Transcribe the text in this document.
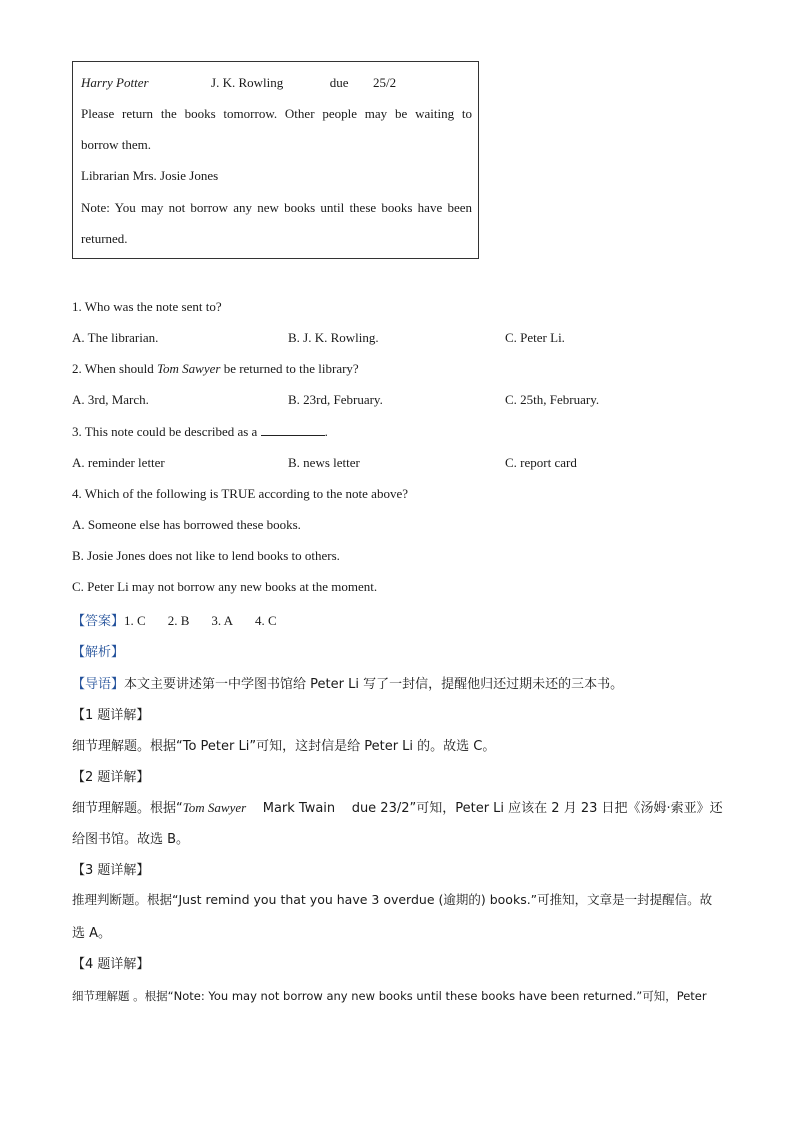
Harry Potter	J. K. Rowling	due 25/2
Please return the books tomorrow. Other people may be waiting to
borrow them.
Librarian Mrs. Josie Jones
Note: You may not borrow any new books until these books have been
returned.
1. Who was the note sent to?
A. The librarian.	B. J. K. Rowling.	C. Peter Li.
2. When should Tom Sawyer be returned to the library?
A. 3rd, March.	B. 23rd, February.	C. 25th, February.
3. This note could be described as a	.
A. reminder letter	B. news letter	C. report card
4. Which of the following is TRUE according to the note above?
A. Someone else has borrowed these books.
B. Josie Jones does not like to lend books to others.
C. Peter Li may not borrow any new books at the moment.
【答案】1. C 2. B 3. A 4. C
【解析】
【导语】本文主要讲述第一中学图书馆给 Peter Li 写了一封信，提醒他归还过期未还的三本书。
【1 题详解】
细节理解题。根据“To Peter Li”可知，这封信是给 Peter Li 的。故选 C。
【2 题详解】
细节理解题。根据“Tom Sawyer    Mark Twain    due 23/2”可知，Peter Li 应该在 2 月 23 日把《汤姆·索亚》还
给图书馆。故选 B。
【3 题详解】
推理判断题。根据“Just remind you that you have 3 overdue (逾期的) books.”可推知，文章是一封提醒信。故
选 A。
【4 题详解】
细节理解题 。根据“Note: You may not borrow any new books until these books have been returned.”可知，Peter
